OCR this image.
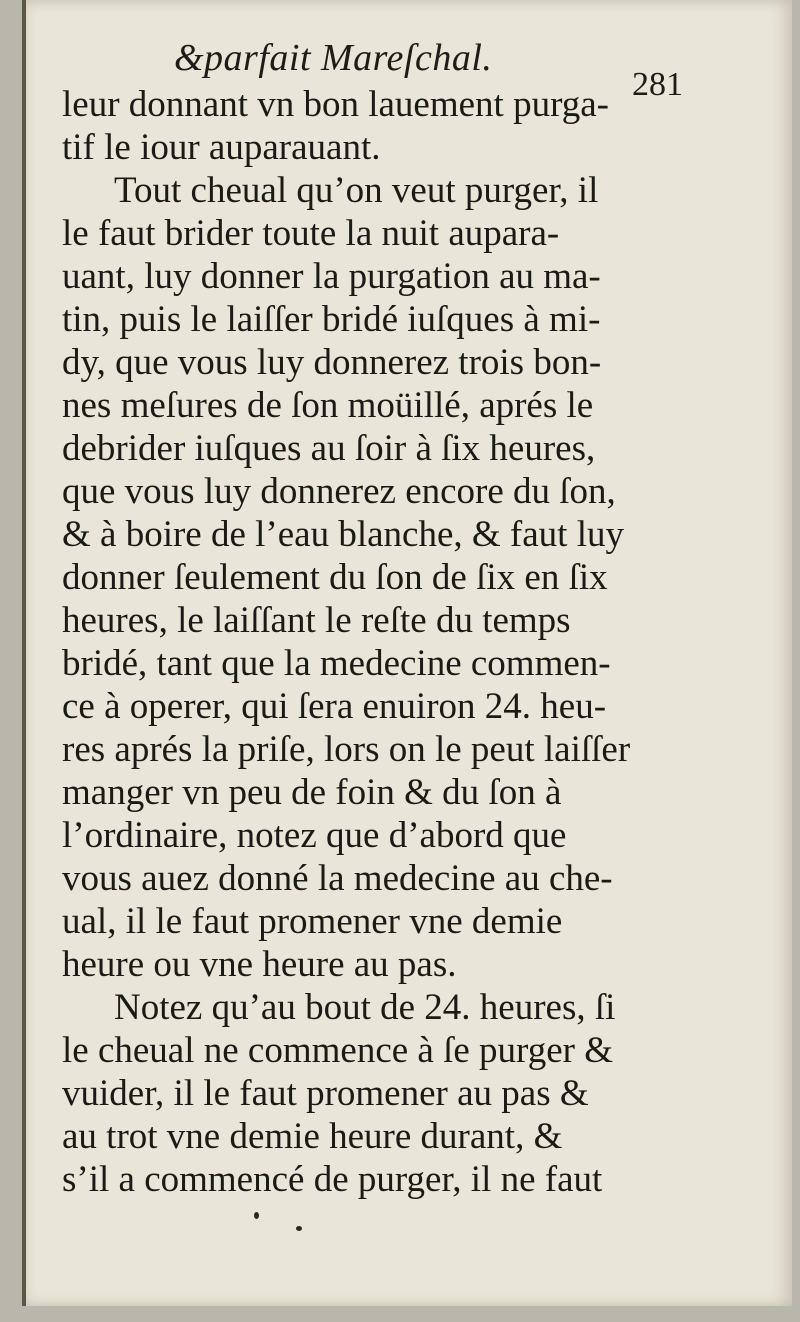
&parfait Mareſchal.
281
leur donnant vn bon lauement purga-
tif le iour auparauant.
Tout cheual qu’on veut purger, il
le faut brider toute la nuit aupara-
uant, luy donner la purgation au ma-
tin, puis le laiſſer bridé iuſques à mi-
dy, que vous luy donnerez trois bon-
nes meſures de ſon moüillé, aprés le
debrider iuſques au ſoir à ſix heures,
que vous luy donnerez encore du ſon,
& à boire de l’eau blanche, & faut luy
donner ſeulement du ſon de ſix en ſix
heures, le laiſſant le reſte du temps
bridé, tant que la medecine commen-
ce à operer, qui ſera enuiron 24. heu-
res aprés la priſe, lors on le peut laiſſer
manger vn peu de foin & du ſon à
l’ordinaire, notez que d’abord que
vous auez donné la medecine au che-
ual, il le faut promener vne demie
heure ou vne heure au pas.
Notez qu’au bout de 24. heures, ſi
le cheual ne commence à ſe purger &
vuider, il le faut promener au pas &
au trot vne demie heure durant, &
s’il a commencé de purger, il ne faut
